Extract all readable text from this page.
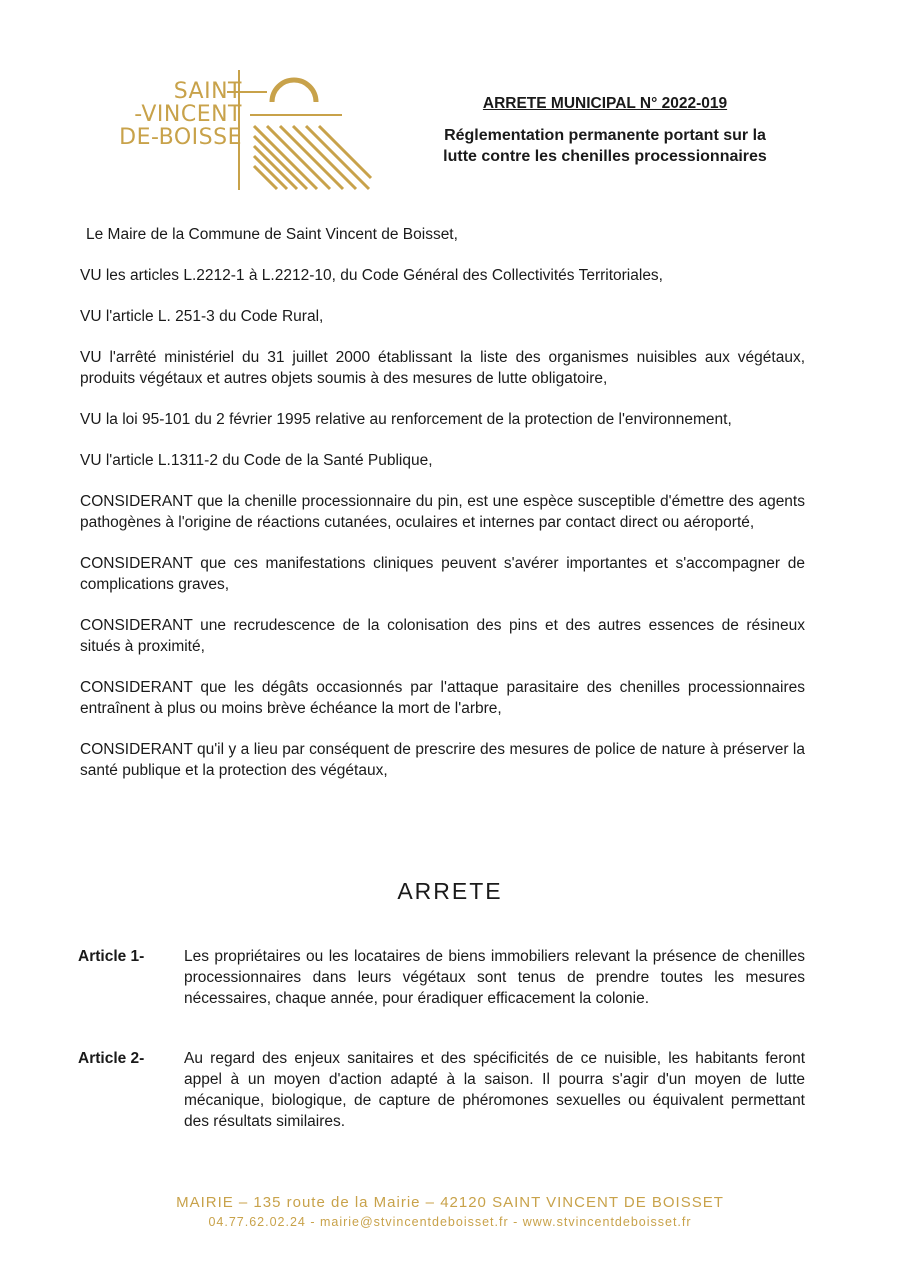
SAINT
-VINCENT
DE-BOISSE
ARRETE MUNICIPAL N° 2022-019
Réglementation permanente portant sur la
lutte contre les chenilles processionnaires

Le Maire de la Commune de Saint Vincent de Boisset,

VU les articles L.2212-1 à L.2212-10, du Code Général des Collectivités Territoriales,

VU l'article L. 251-3 du Code Rural,

VU l'arrêté ministériel du 31 juillet 2000 établissant la liste des organismes nuisibles aux végétaux, produits végétaux et autres objets soumis à des mesures de lutte obligatoire,

VU la loi 95-101 du 2 février 1995 relative au renforcement de la protection de l'environnement,

VU l'article L.1311-2 du Code de la Santé Publique,

CONSIDERANT que la chenille processionnaire du pin, est une espèce susceptible d'émettre des agents pathogènes à l'origine de réactions cutanées, oculaires et internes par contact direct ou aéroporté,

CONSIDERANT que ces manifestations cliniques peuvent s'avérer importantes et s'accompagner de complications graves,

CONSIDERANT une recrudescence de la colonisation des pins et des autres essences de résineux situés à proximité,

CONSIDERANT que les dégâts occasionnés par l'attaque parasitaire des chenilles processionnaires entraînent à plus ou moins brève échéance la mort de l'arbre,

CONSIDERANT qu'il y a lieu par conséquent de prescrire des mesures de police de nature à préserver la santé publique et la protection des végétaux,

ARRETE
Article 1-	Les propriétaires ou les locataires de biens immobiliers relevant la présence de chenilles processionnaires dans leurs végétaux sont tenus de prendre toutes les mesures nécessaires, chaque année, pour éradiquer efficacement la colonie.
Article 2-	Au regard des enjeux sanitaires et des spécificités de ce nuisible, les habitants feront appel à un moyen d'action adapté à la saison. Il pourra s'agir d'un moyen de lutte mécanique, biologique, de capture de phéromones sexuelles ou équivalent permettant des résultats similaires.
MAIRIE – 135 route de la Mairie – 42120 SAINT VINCENT DE BOISSET
04.77.62.02.24 - mairie@stvincentdeboisset.fr - www.stvincentdeboisset.fr
